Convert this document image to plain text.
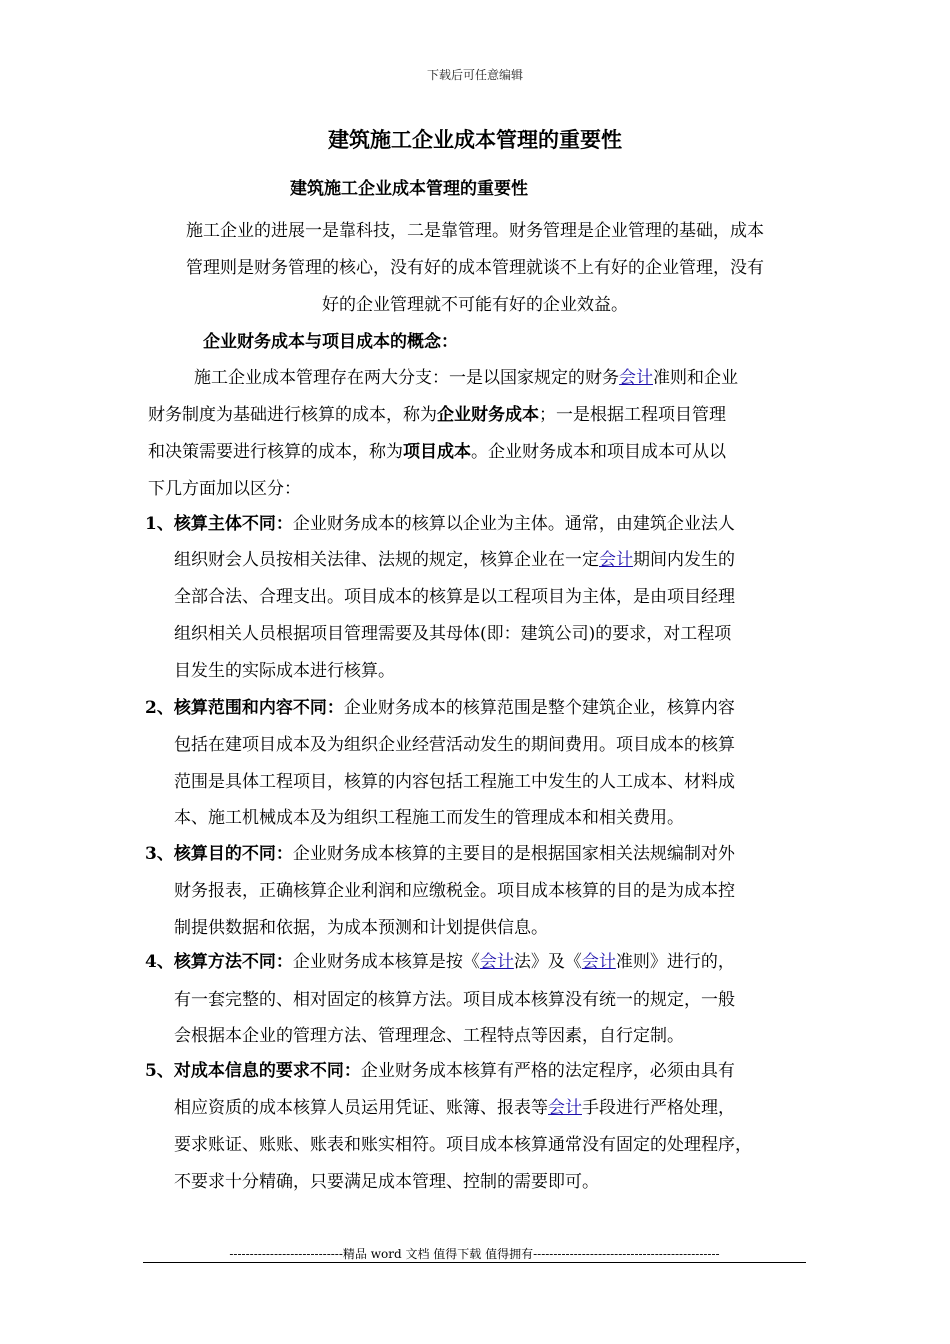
下载后可任意编辑
建筑施工企业成本管理的重要性
建筑施工企业成本管理的重要性
施工企业的进展一是靠科技，二是靠管理。财务管理是企业管理的基础，成本
管理则是财务管理的核心，没有好的成本管理就谈不上有好的企业管理，没有
好的企业管理就不可能有好的企业效益。
企业财务成本与项目成本的概念：
施工企业成本管理存在两大分支：一是以国家规定的财务会计准则和企业
财务制度为基础进行核算的成本，称为企业财务成本；一是根据工程项目管理
和决策需要进行核算的成本，称为项目成本。企业财务成本和项目成本可从以
下几方面加以区分：
1、核算主体不同：企业财务成本的核算以企业为主体。通常，由建筑企业法人
组织财会人员按相关法律、法规的规定，核算企业在一定会计期间内发生的
全部合法、合理支出。项目成本的核算是以工程项目为主体，是由项目经理
组织相关人员根据项目管理需要及其母体(即：建筑公司)的要求，对工程项
目发生的实际成本进行核算。
2、核算范围和内容不同：企业财务成本的核算范围是整个建筑企业，核算内容
包括在建项目成本及为组织企业经营活动发生的期间费用。项目成本的核算
范围是具体工程项目，核算的内容包括工程施工中发生的人工成本、材料成
本、施工机械成本及为组织工程施工而发生的管理成本和相关费用。
3、核算目的不同：企业财务成本核算的主要目的是根据国家相关法规编制对外
财务报表，正确核算企业利润和应缴税金。项目成本核算的目的是为成本控
制提供数据和依据，为成本预测和计划提供信息。
4、核算方法不同：企业财务成本核算是按《会计法》及《会计准则》进行的，
有一套完整的、相对固定的核算方法。项目成本核算没有统一的规定，一般
会根据本企业的管理方法、管理理念、工程特点等因素，自行定制。
5、对成本信息的要求不同：企业财务成本核算有严格的法定程序，必须由具有
相应资质的成本核算人员运用凭证、账簿、报表等会计手段进行严格处理，
要求账证、账账、账表和账实相符。项目成本核算通常没有固定的处理程序，
不要求十分精确，只要满足成本管理、控制的需要即可。
----------------------------精品 word 文档 值得下载 值得拥有----------------------------------------------
